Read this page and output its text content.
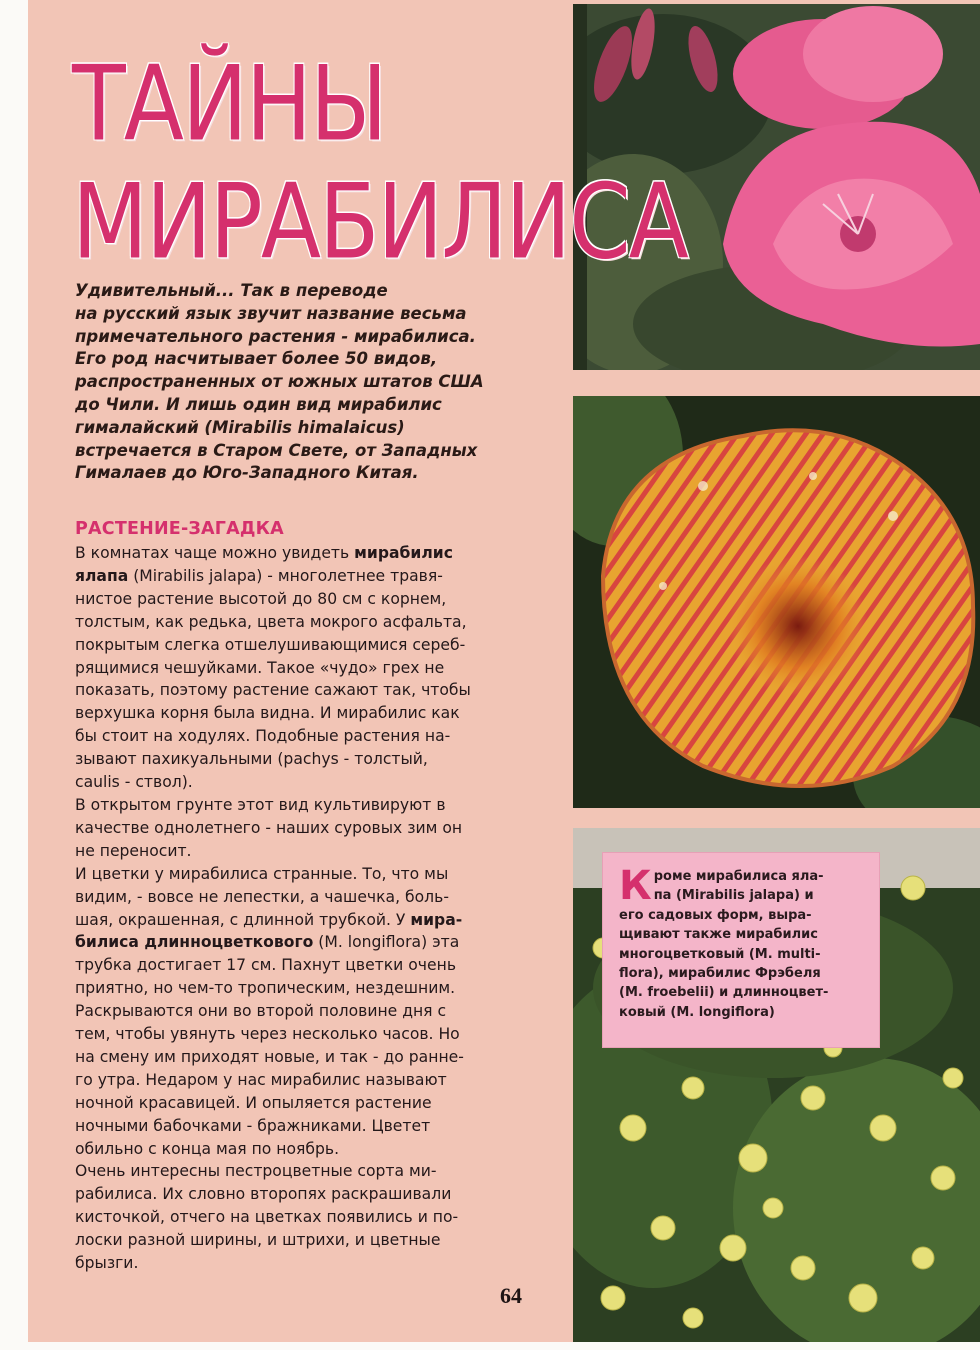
ТАЙНЫ
МИРАБИЛИСА
Удивительный... Так в переводе
на русский язык звучит название весьма
примечательного растения - мирабилиса.
Его род насчитывает более 50 видов,
распространенных от южных штатов США
до Чили. И лишь один вид мирабилис
гималайский (Mirabilis himalaicus)
встречается в Старом Свете, от Западных
Гималаев до Юго-Западного Китая.
РАСТЕНИЕ-ЗАГАДКА

В комнатах чаще можно увидеть мирабилис
ялапа (Mirabilis jalapa) - многолетнее травя-
нистое растение высотой до 80 см с корнем,
толстым, как редька, цвета мокрого асфальта,
покрытым слегка отшелушивающимися сереб-
рящимися чешуйками. Такое «чудо» грех не
показать, поэтому растение сажают так, чтобы
верхушка корня была видна. И мирабилис как
бы стоит на ходулях. Подобные растения на-
зывают пахикуальными (pachys - толстый,
caulis - ствол).

В открытом грунте этот вид культивируют в
качестве однолетнего - наших суровых зим он
не переносит.

И цветки у мирабилиса странные. То, что мы
видим, - вовсе не лепестки, а чашечка, боль-
шая, окрашенная, с длинной трубкой. У мира-
билиса длинноцветкового (M. longiflora) эта
трубка достигает 17 см. Пахнут цветки очень
приятно, но чем-то тропическим, нездешним.
Раскрываются они во второй половине дня с
тем, чтобы увянуть через несколько часов. Но
на смену им приходят новые, и так - до ранне-
го утра. Недаром у нас мирабилис называют
ночной красавицей. И опыляется растение
ночными бабочками - бражниками. Цветет
обильно с конца мая по ноябрь.

Очень интересны пестроцветные сорта ми-
рабилиса. Их словно второпях раскрашивали
кисточкой, отчего на цветках появились и по-
лоски разной ширины, и штрихи, и цветные
брызги.

Кроме мирабилиса яла-
па (Mirabilis jalapa) и
его садовых форм, выра-
щивают также мирабилис
многоцветковый (M. multi-
flora), мирабилис Фрэбеля
(M. froebelii) и длинноцвет-
ковый (M. longiflora)
64
